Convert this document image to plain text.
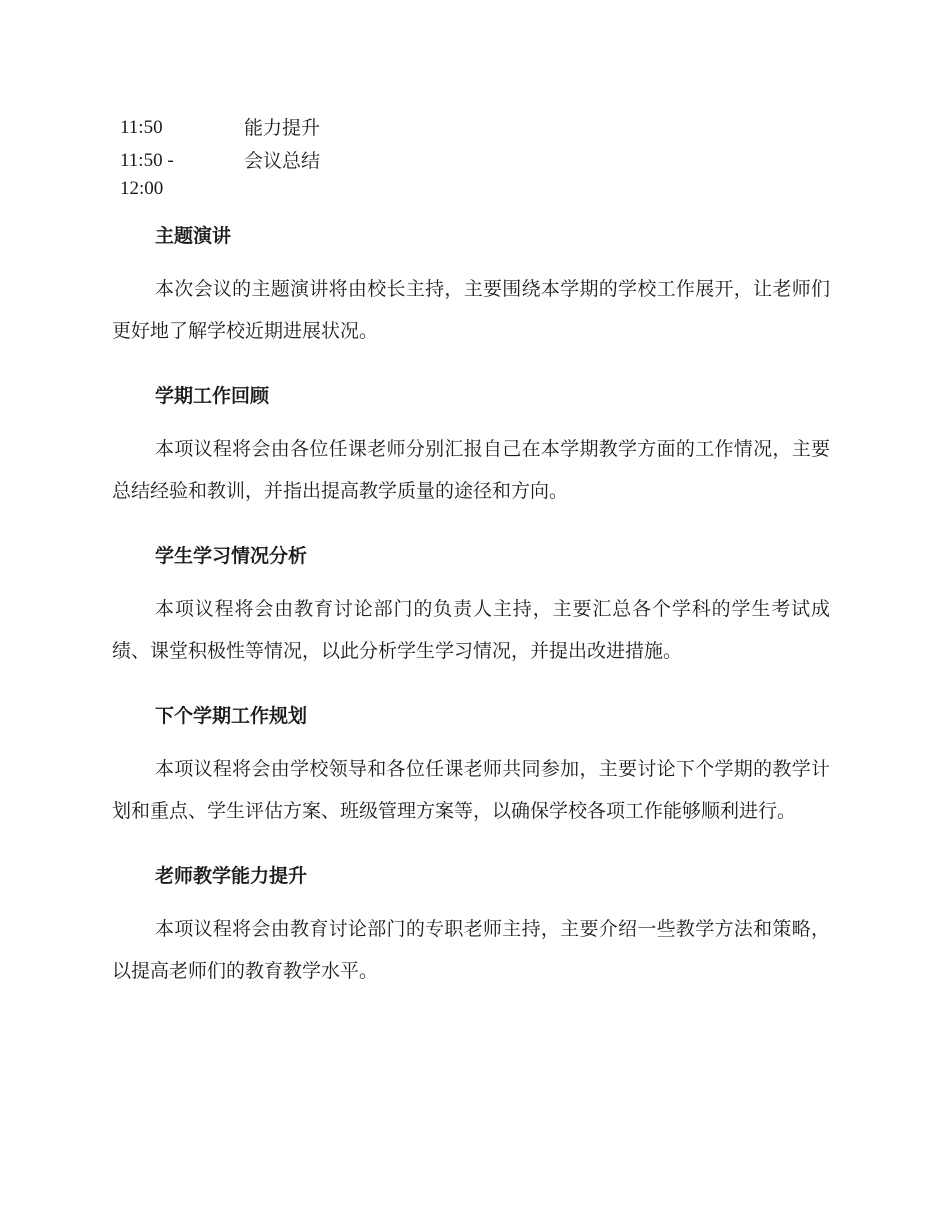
11:50	能力提升
11:50 -
12:00
会议总结
主题演讲

本次会议的主题演讲将由校长主持，主要围绕本学期的学校工作展开，让老师们更好地了解学校近期进展状况。

学期工作回顾

本项议程将会由各位任课老师分别汇报自己在本学期教学方面的工作情况，主要总结经验和教训，并指出提高教学质量的途径和方向。

学生学习情况分析

本项议程将会由教育讨论部门的负责人主持，主要汇总各个学科的学生考试成绩、课堂积极性等情况，以此分析学生学习情况，并提出改进措施。

下个学期工作规划

本项议程将会由学校领导和各位任课老师共同参加，主要讨论下个学期的教学计划和重点、学生评估方案、班级管理方案等，以确保学校各项工作能够顺利进行。

老师教学能力提升

本项议程将会由教育讨论部门的专职老师主持，主要介绍一些教学方法和策略，以提高老师们的教育教学水平。
